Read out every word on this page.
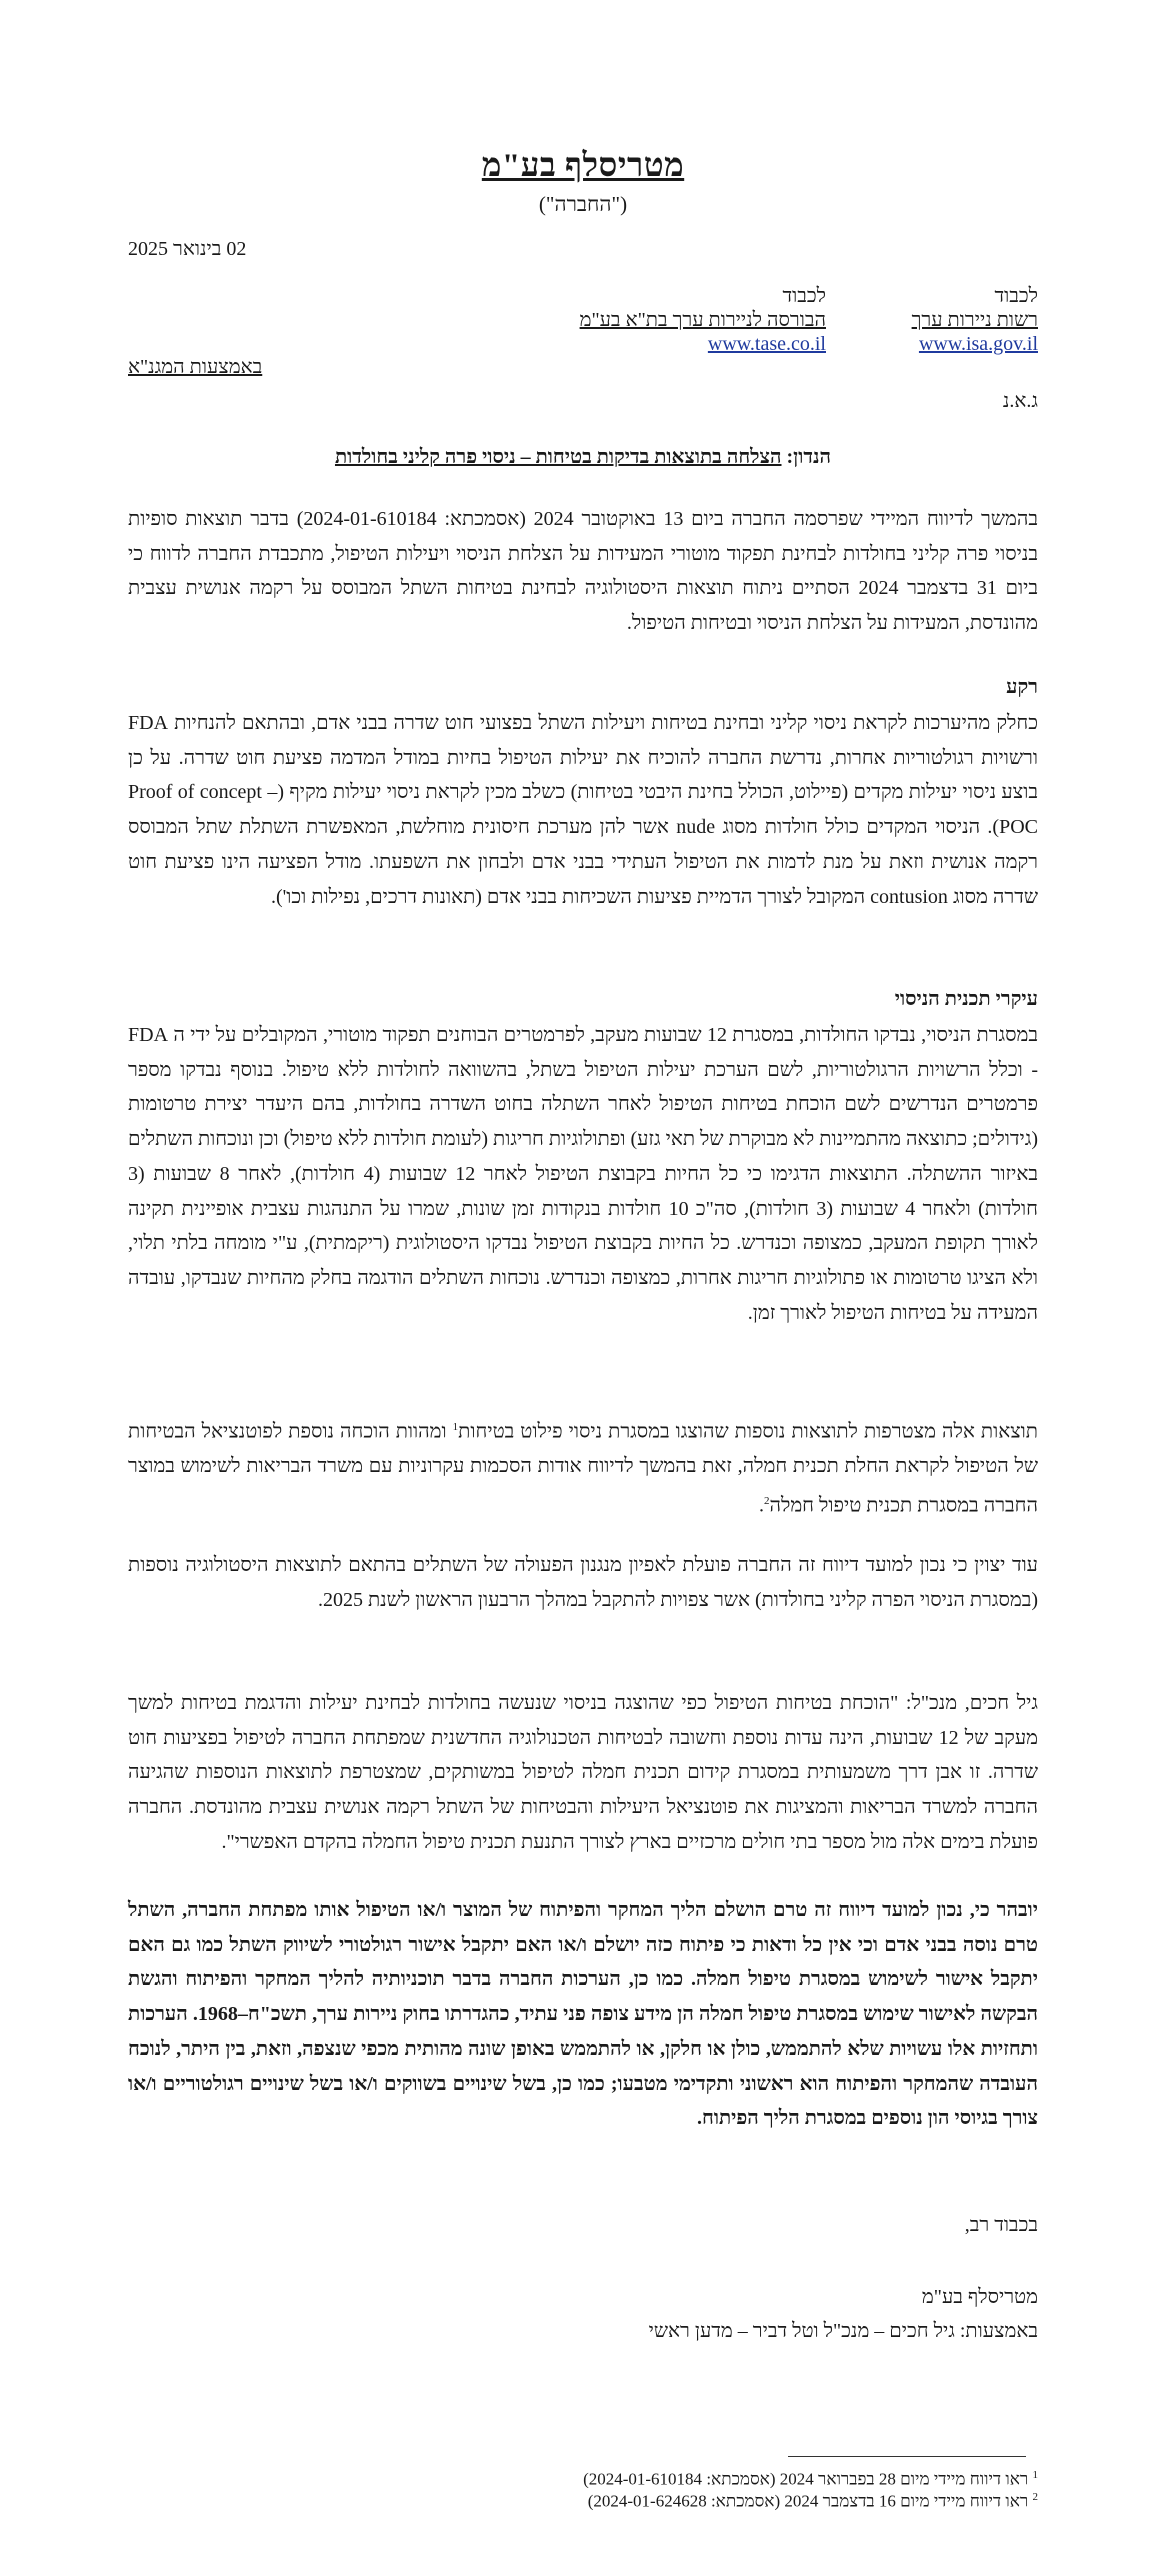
מטריסלף בע"מ
("החברה")
02 בינואר 2025
לכבוד
רשות ניירות ערך
www.isa.gov.il
לכבוד
הבורסה לניירות ערך בת"א בע"מ
www.tase.co.il
באמצעות המגנ"א
ג.א.נ
הנדון: הצלחה בתוצאות בדיקות בטיחות – ניסוי פרה קליני בחולדות
בהמשך לדיווח המיידי שפרסמה החברה ביום 13 באוקטובר 2024 (אסמכתא: 2024-01-610184) בדבר תוצאות סופיות בניסוי פרה קליני בחולדות לבחינת תפקוד מוטורי המעידות על הצלחת הניסוי ויעילות הטיפול, מתכבדת החברה לדווח כי ביום 31 בדצמבר 2024 הסתיים ניתוח תוצאות היסטולוגיה לבחינת בטיחות השתל המבוסס על רקמה אנושית עצבית מהונדסת, המעידות על הצלחת הניסוי ובטיחות הטיפול.
רקע
כחלק מהיערכות לקראת ניסוי קליני ובחינת בטיחות ויעילות השתל בפצועי חוט שדרה בבני אדם, ובהתאם להנחיות FDA ורשויות רגולטוריות אחרות, נדרשת החברה להוכיח את יעילות הטיפול בחיות במודל המדמה פציעת חוט שדרה. על כן בוצע ניסוי יעילות מקדים (פיילוט, הכולל בחינת היבטי בטיחות) כשלב מכין לקראת ניסוי יעילות מקיף (Proof of concept – POC). הניסוי המקדים כולל חולדות מסוג nude אשר להן מערכת חיסונית מוחלשת, המאפשרת השתלת שתל המבוסס רקמה אנושית וזאת על מנת לדמות את הטיפול העתידי בבני אדם ולבחון את השפעתו. מודל הפציעה הינו פציעת חוט שדרה מסוג contusion המקובל לצורך הדמיית פציעות השכיחות בבני אדם (תאונות דרכים, נפילות וכו').
עיקרי תכנית הניסוי
במסגרת הניסוי, נבדקו החולדות, במסגרת 12 שבועות מעקב, לפרמטרים הבוחנים תפקוד מוטורי, המקובלים על ידי ה FDA - וכלל הרשויות הרגולטוריות, לשם הערכת יעילות הטיפול בשתל, בהשוואה לחולדות ללא טיפול. בנוסף נבדקו מספר פרמטרים הנדרשים לשם הוכחת בטיחות הטיפול לאחר השתלה בחוט השדרה בחולדות, בהם היעדר יצירת טרטומות (גידולים; כתוצאה מהתמיינות לא מבוקרת של תאי גזע) ופתולוגיות חריגות (לעומת חולדות ללא טיפול) וכן ונוכחות השתלים באיזור ההשתלה. התוצאות הדגימו כי כל החיות בקבוצת הטיפול לאחר 12 שבועות (4 חולדות), לאחר 8 שבועות (3 חולדות) ולאחר 4 שבועות (3 חולדות), סה"כ 10 חולדות בנקודות זמן שונות, שמרו על התנהגות עצבית אופיינית תקינה לאורך תקופת המעקב, כמצופה וכנדרש. כל החיות בקבוצת הטיפול נבדקו היסטולוגית (ריקמתית), ע"י מומחה בלתי תלוי, ולא הציגו טרטומות או פתולוגיות חריגות אחרות, כמצופה וכנדרש. נוכחות השתלים הודגמה בחלק מהחיות שנבדקו, עובדה המעידה על בטיחות הטיפול לאורך זמן.
תוצאות אלה מצטרפות לתוצאות נוספות שהוצגו במסגרת ניסוי פילוט בטיחות$^1$ ומהוות הוכחה נוספת לפוטנציאל הבטיחות של הטיפול לקראת החלת תכנית חמלה, זאת בהמשך לדיווח אודות הסכמות עקרוניות עם משרד הבריאות לשימוש במוצר החברה במסגרת תכנית טיפול חמלה$^2$.
עוד יצוין כי נכון למועד דיווח זה החברה פועלת לאפיון מנגנון הפעולה של השתלים בהתאם לתוצאות היסטולוגיה נוספות (במסגרת הניסוי הפרה קליני בחולדות) אשר צפויות להתקבל במהלך הרבעון הראשון לשנת 2025.
גיל חכים, מנכ"ל: "הוכחת בטיחות הטיפול כפי שהוצגה בניסוי שנעשה בחולדות לבחינת יעילות והדגמת בטיחות למשך מעקב של 12 שבועות, הינה עדות נוספת וחשובה לבטיחות הטכנולוגיה החדשנית שמפתחת החברה לטיפול בפציעות חוט שדרה. זו אבן דרך משמעותית במסגרת קידום תכנית חמלה לטיפול במשותקים, שמצטרפת לתוצאות הנוספות שהגיעה החברה למשרד הבריאות והמציגות את פוטנציאל היעילות והבטיחות של השתל רקמה אנושית עצבית מהונדסת. החברה פועלת בימים אלה מול מספר בתי חולים מרכזיים בארץ לצורך התנעת תכנית טיפול החמלה בהקדם האפשרי".
יובהר כי, נכון למועד דיווח זה טרם הושלם הליך המחקר והפיתוח של המוצר ו/או הטיפול אותו מפתחת החברה, השתל טרם נוסה בבני אדם וכי אין כל ודאות כי פיתוח כזה יושלם ו/או האם יתקבל אישור רגולטורי לשיווק השתל כמו גם האם יתקבל אישור לשימוש במסגרת טיפול חמלה. כמו כן, הערכות החברה בדבר תוכניותיה להליך המחקר והפיתוח והגשת הבקשה לאישור שימוש במסגרת טיפול חמלה הן מידע צופה פני עתיד, כהגדרתו בחוק ניירות ערך, תשכ"ח–1968. הערכות ותחזיות אלו עשויות שלא להתממש, כולן או חלקן, או להתממש באופן שונה מהותית מכפי שנצפה, וזאת, בין היתר, לנוכח העובדה שהמחקר והפיתוח הוא ראשוני ותקדימי מטבעו; כמו כן, בשל שינויים בשווקים ו/או בשל שינויים רגולטוריים ו/או צורך בגיוסי הון נוספים במסגרת הליך הפיתוח.
בכבוד רב,
מטריסלף בע"מ
באמצעות: גיל חכים – מנכ"ל וטל דביר – מדען ראשי
$^1$ ראו דיווח מיידי מיום 28 בפברואר 2024 (אסמכתא: 2024-01-610184)
$^2$ ראו דיווח מיידי מיום 16 בדצמבר 2024 (אסמכתא: 2024-01-624628)
